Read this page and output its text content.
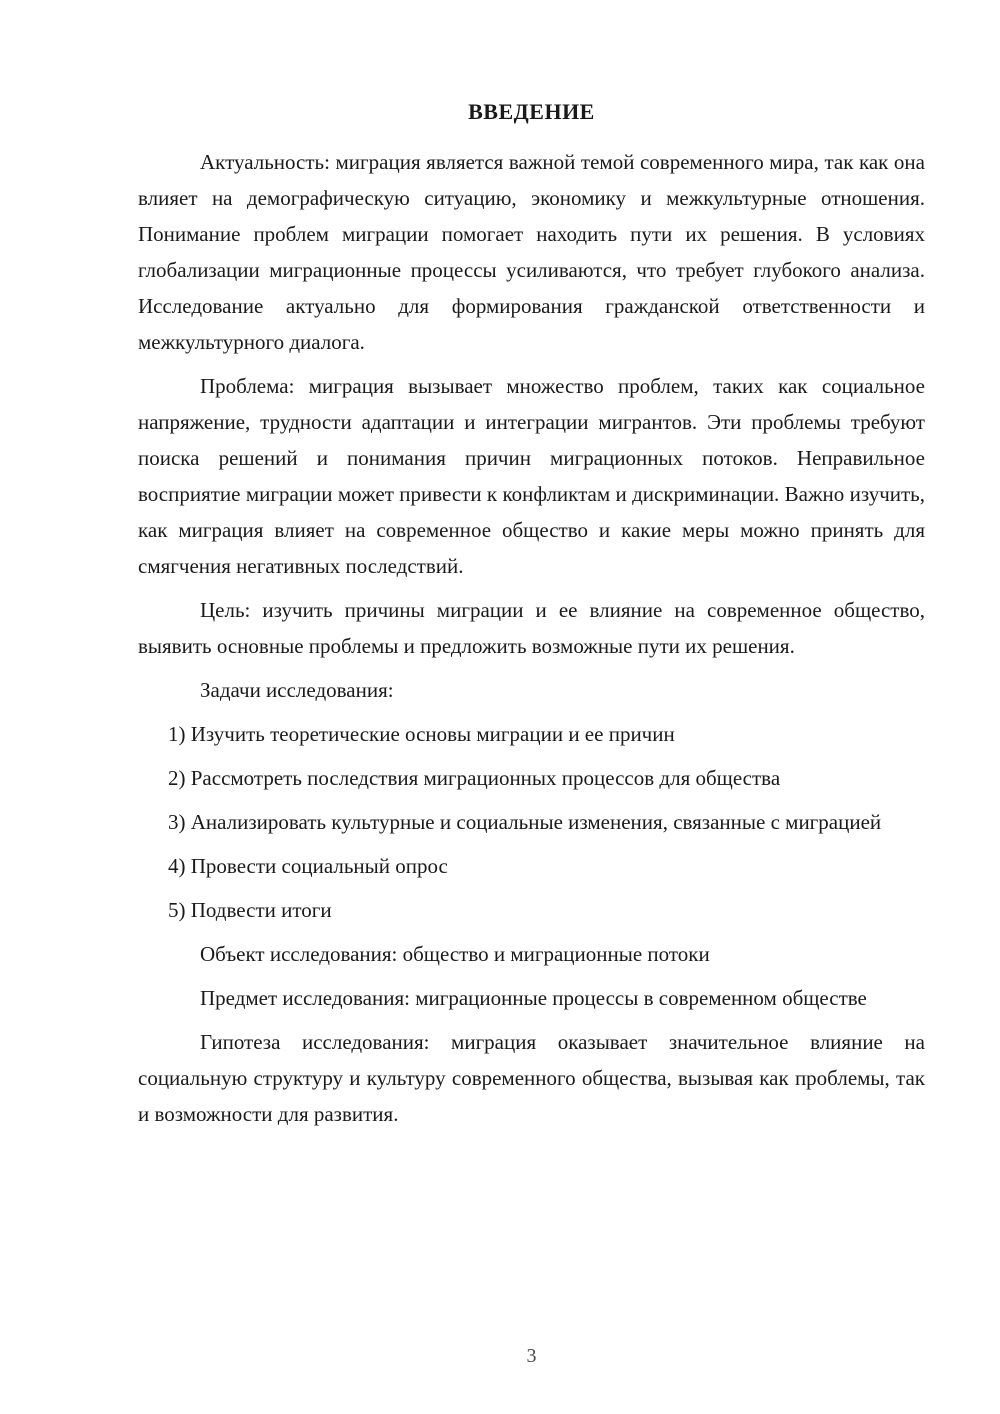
ВВЕДЕНИЕ

Актуальность: миграция является важной темой современного мира, так как она влияет на демографическую ситуацию, экономику и межкультурные отношения. Понимание проблем миграции помогает находить пути их решения. В условиях глобализации миграционные процессы усиливаются, что требует глубокого анализа. Исследование актуально для формирования гражданской ответственности и межкультурного диалога.

Проблема: миграция вызывает множество проблем, таких как социальное напряжение, трудности адаптации и интеграции мигрантов. Эти проблемы требуют поиска решений и понимания причин миграционных потоков. Неправильное восприятие миграции может привести к конфликтам и дискриминации. Важно изучить, как миграция влияет на современное общество и какие меры можно принять для смягчения негативных последствий.

Цель: изучить причины миграции и ее влияние на современное общество, выявить основные проблемы и предложить возможные пути их решения.

Задачи исследования:

1) Изучить теоретические основы миграции и ее причин

2) Рассмотреть последствия миграционных процессов для общества

3) Анализировать культурные и социальные изменения, связанные с миграцией

4) Провести социальный опрос

5) Подвести итоги

Объект исследования: общество и миграционные потоки

Предмет исследования: миграционные процессы в современном обществе

Гипотеза исследования: миграция оказывает значительное влияние на социальную структуру и культуру современного общества, вызывая как проблемы, так и возможности для развития.

3
